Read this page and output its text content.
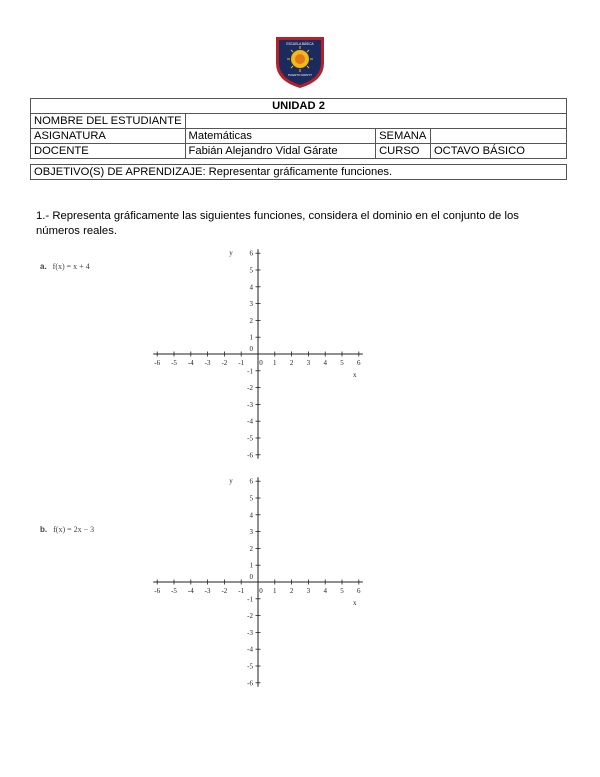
ESCUELA BÁSICA
PUERTO MONTT
UNIDAD 2			
NOMBRE DEL ESTUDIANTE			
ASIGNATURA	Matemáticas	SEMANA	
DOCENTE	Fabián Alejandro Vidal Gárate	CURSO	OCTAVO BÁSICO
OBJETIVO(S) DE APRENDIZAJE: Representar gráficamente funciones.
1.- Representa gráficamente las siguientes funciones, considera el dominio en el conjunto de los números reales.
a. f(x) = x + 4
-6 -5 -4 -3 -2 -1 0 1 2 3 4 5 6
6
5
4
3
2
1
0
-1
-2
-3
-4
-5
-6
x
y
b. f(x) = 2x − 3
-6 -5 -4 -3 -2 -1 0 1 2 3 4 5 6
6
5
4
3
2
1
0
-1
-2
-3
-4
-5
-6
x
y
